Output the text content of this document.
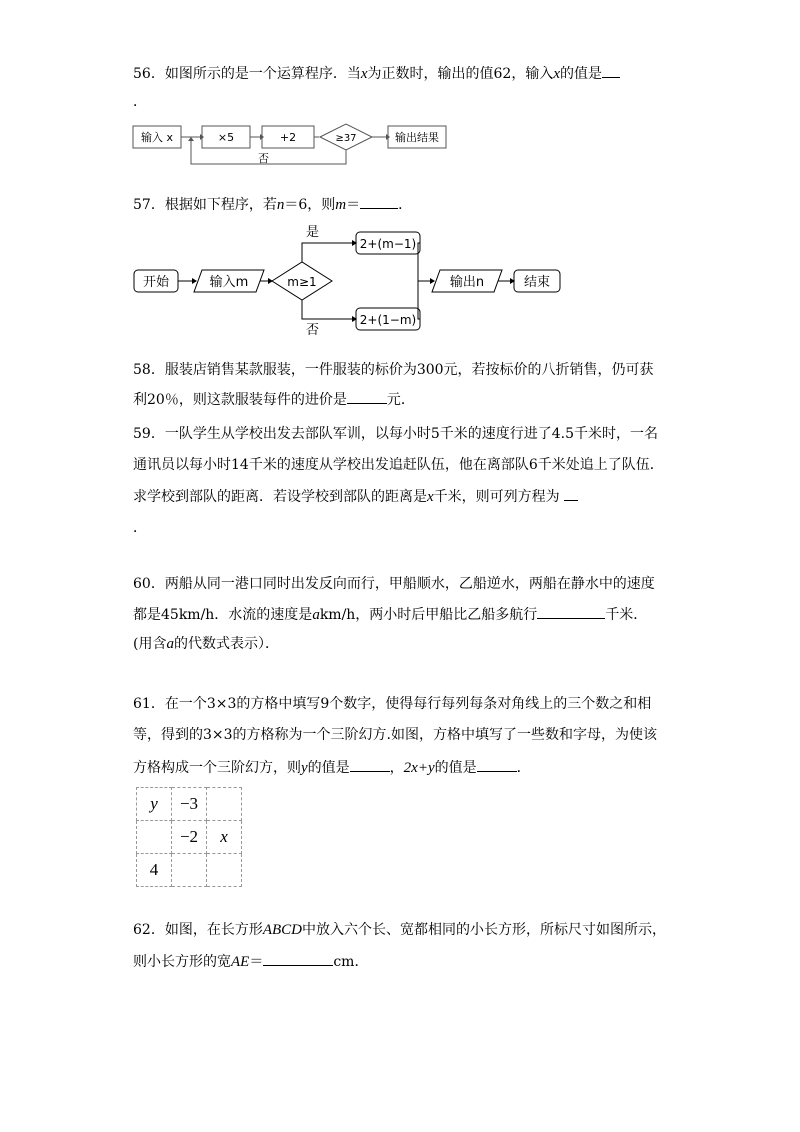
56．如图所示的是一个运算程序．当x为正数时，输出的值62，输入x的值是
．
输入 x	×5	+2	≥37	输出结果
否
57．根据如下程序，若n＝6，则m＝	．
开始	输入m	m≥1
是
否
2+(m−1)
2+(1−m)
输出n	结束
58．服装店销售某款服装，一件服装的标价为300元，若按标价的八折销售，仍可获
利20％，则这款服装每件的进价是	元．
59．一队学生从学校出发去部队军训，以每小时5千米的速度行进了4.5千米时，一名
通讯员以每小时14千米的速度从学校出发追赶队伍，他在离部队6千米处追上了队伍．
求学校到部队的距离．若设学校到部队的距离是x千米，则可列方程为
．
60．两船从同一港口同时出发反向而行，甲船顺水，乙船逆水，两船在静水中的速度
都是45km/h．水流的速度是akm/h，两小时后甲船比乙船多航行	千米．
(用含a的代数式表示）．
61．在一个3×3的方格中填写9个数字，使得每行每列每条对角线上的三个数之和相
等，得到的3×3的方格称为一个三阶幻方.如图，方格中填写了一些数和字母，为使该
方格构成一个三阶幻方，则y的值是	，2x+y的值是	．
y	−3	
	−2	x
4		
62．如图，在长方形ABCD中放入六个长、宽都相同的小长方形，所标尺寸如图所示，
则小长方形的宽AE＝	cm．
